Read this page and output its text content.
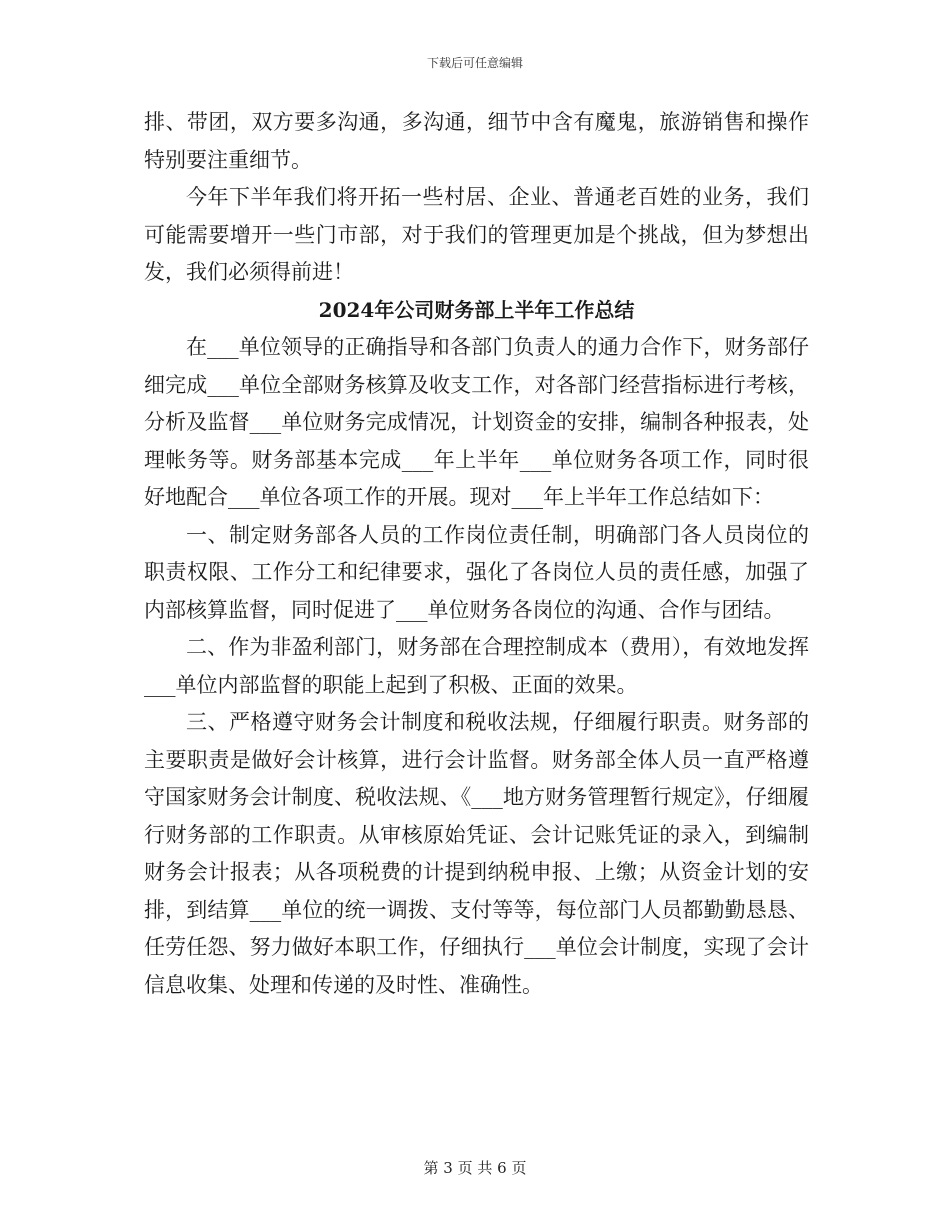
下载后可任意编辑

排、带团，双方要多沟通，多沟通，细节中含有魔鬼，旅游销售和操作特别要注重细节。

今年下半年我们将开拓一些村居、企业、普通老百姓的业务，我们可能需要增开一些门市部，对于我们的管理更加是个挑战，但为梦想出发，我们必须得前进！

2024年公司财务部上半年工作总结

在___单位领导的正确指导和各部门负责人的通力合作下，财务部仔细完成___单位全部财务核算及收支工作，对各部门经营指标进行考核，分析及监督___单位财务完成情况，计划资金的安排，编制各种报表，处理帐务等。财务部基本完成___年上半年___单位财务各项工作，同时很好地配合___单位各项工作的开展。现对___年上半年工作总结如下：

一、制定财务部各人员的工作岗位责任制，明确部门各人员岗位的职责权限、工作分工和纪律要求，强化了各岗位人员的责任感，加强了内部核算监督，同时促进了___单位财务各岗位的沟通、合作与团结。

二、作为非盈利部门，财务部在合理控制成本（费用），有效地发挥___单位内部监督的职能上起到了积极、正面的效果。

三、严格遵守财务会计制度和税收法规，仔细履行职责。财务部的主要职责是做好会计核算，进行会计监督。财务部全体人员一直严格遵守国家财务会计制度、税收法规、《___地方财务管理暂行规定》，仔细履行财务部的工作职责。从审核原始凭证、会计记账凭证的录入，到编制财务会计报表；从各项税费的计提到纳税申报、上缴；从资金计划的安排，到结算___单位的统一调拨、支付等等，每位部门人员都勤勤恳恳、任劳任怨、努力做好本职工作，仔细执行___单位会计制度，实现了会计信息收集、处理和传递的及时性、准确性。

第 3 页 共 6 页
